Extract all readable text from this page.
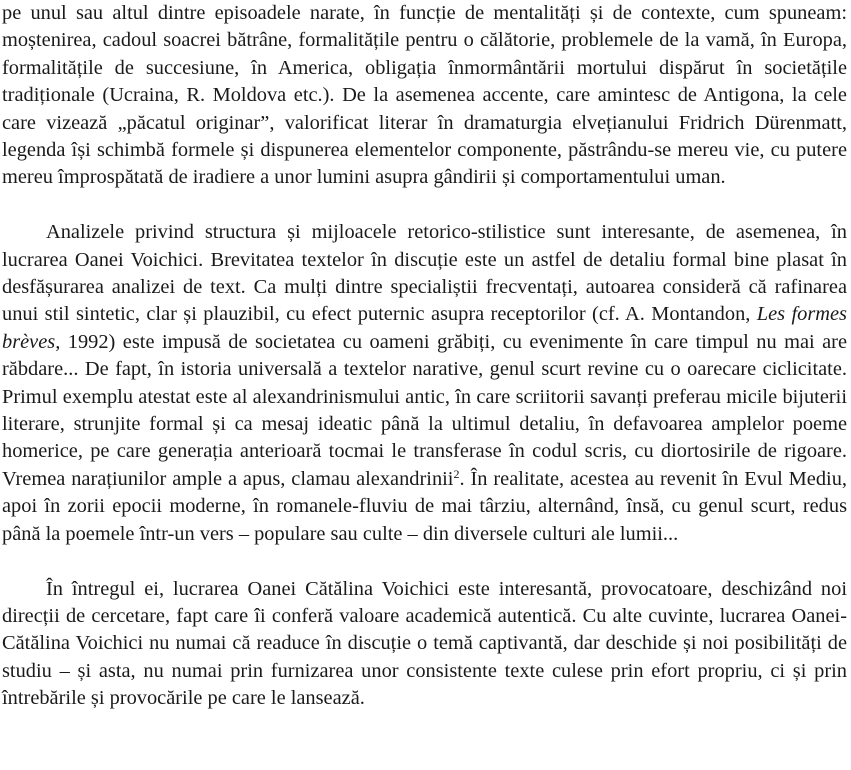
pe unul sau altul dintre episoadele narate, în funcție de mentalități și de contexte, cum spuneam: moștenirea, cadoul soacrei bătrâne, formalitățile pentru o călătorie, problemele de la vamă, în Europa, formalitățile de succesiune, în America, obligația înmormântării mortului dispărut în societățile tradiționale (Ucraina, R. Moldova etc.). De la asemenea accente, care amintesc de Antigona, la cele care vizează „păcatul originar”, valorificat literar în dramaturgia elvețianului Fridrich Dürenmatt, legenda își schimbă formele și dispunerea elementelor componente, păstrându-se mereu vie, cu putere mereu împrospătată de iradiere a unor lumini asupra gândirii și comportamentului uman.

Analizele privind structura și mijloacele retorico-stilistice sunt interesante, de asemenea, în lucrarea Oanei Voichici. Brevitatea textelor în discuție este un astfel de detaliu formal bine plasat în desfășurarea analizei de text. Ca mulți dintre specialiștii frecventați, autoarea consideră că rafinarea unui stil sintetic, clar și plauzibil, cu efect puternic asupra receptorilor (cf. A. Montandon, Les formes brèves, 1992) este impusă de societatea cu oameni grăbiți, cu evenimente în care timpul nu mai are răbdare... De fapt, în istoria universală a textelor narative, genul scurt revine cu o oarecare ciclicitate. Primul exemplu atestat este al alexandrinismului antic, în care scriitorii savanți preferau micile bijuterii literare, strunjite formal și ca mesaj ideatic până la ultimul detaliu, în defavoarea amplelor poeme homerice, pe care generația anterioară tocmai le transferase în codul scris, cu diortosirile de rigoare. Vremea narațiunilor ample a apus, clamau alexandrinii$^2$. În realitate, acestea au revenit în Evul Mediu, apoi în zorii epocii moderne, în romanele-fluviu de mai târziu, alternând, însă, cu genul scurt, redus până la poemele într-un vers – populare sau culte – din diversele culturi ale lumii...

În întregul ei, lucrarea Oanei Cătălina Voichici este interesantă, provocatoare, deschizând noi direcții de cercetare, fapt care îi conferă valoare academică autentică. Cu alte cuvinte, lucrarea Oanei-Cătălina Voichici nu numai că readuce în discuție o temă captivantă, dar deschide și noi posibilități de studiu – și asta, nu numai prin furnizarea unor consistente texte culese prin efort propriu, ci și prin întrebările și provocările pe care le lansează.
